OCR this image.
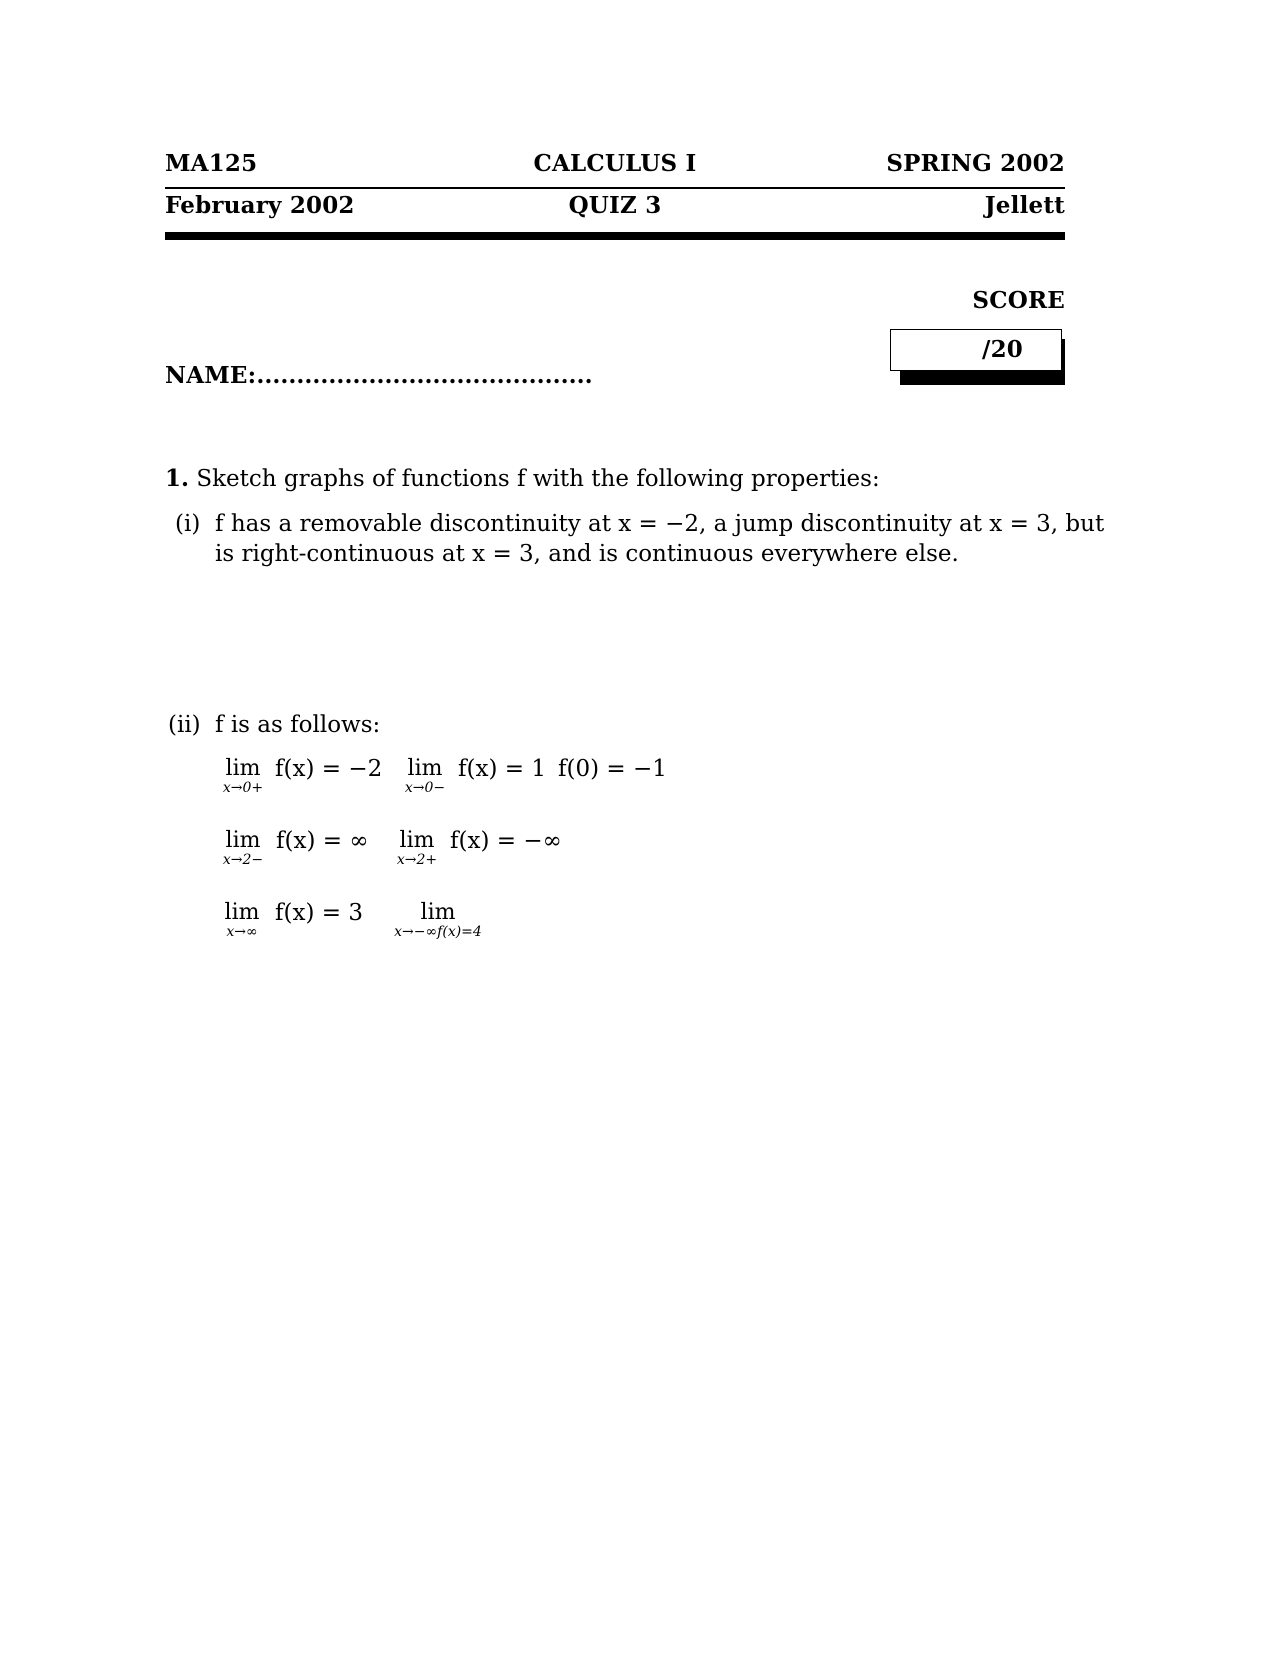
MA125	CALCULUS I	SPRING 2002
February 2002	QUIZ 3	Jellett
SCORE
/20
NAME:..........................................
1. Sketch graphs of functions f with the following properties:
(i) f has a removable discontinuity at x = −2, a jump discontinuity at x = 3, but
is right-continuous at x = 3, and is continuous everywhere else.
(ii) f is as follows:
lim
x→0+
f(x) = −2	lim
x→0−
f(x) = 1 f(0) = −1
lim
x→2−
f(x) = ∞	lim
x→2+
f(x) = −∞
lim
x→∞
f(x) = 3	lim
x→−∞f(x)=4
